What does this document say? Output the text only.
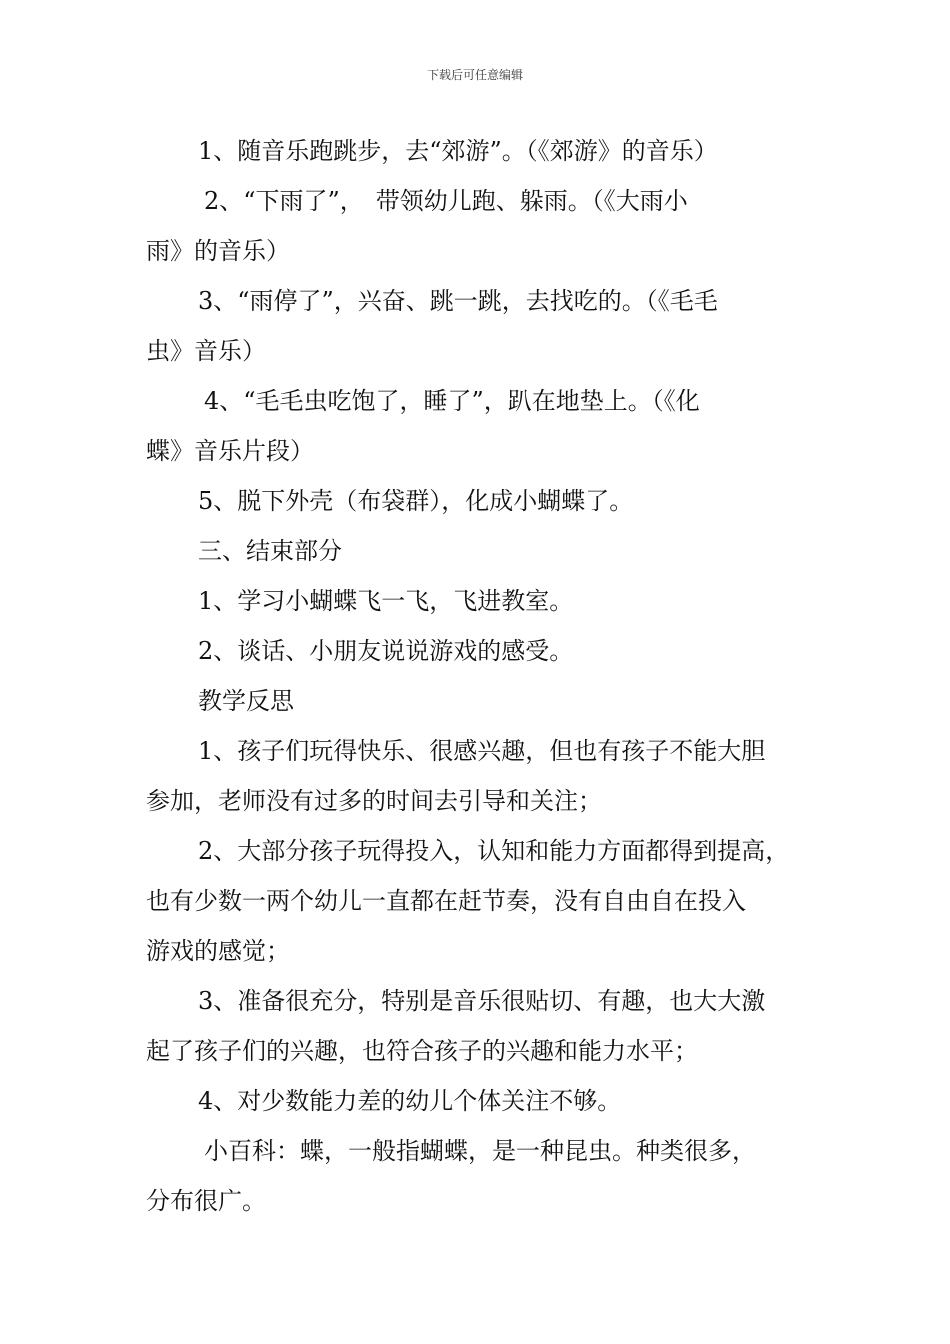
下载后可任意编辑
1、随音乐跑跳步，去“郊游”。（《郊游》的音乐）
2、“下雨了”，　带领幼儿跑、躲雨。（《大雨小
雨》的音乐）
3、“雨停了”，兴奋、跳一跳，去找吃的。（《毛毛
虫》音乐）
4、“毛毛虫吃饱了，睡了”，趴在地垫上。（《化
蝶》音乐片段）
5、脱下外壳（布袋群），化成小蝴蝶了。
三、结束部分
1、学习小蝴蝶飞一飞，飞进教室。
2、谈话、小朋友说说游戏的感受。
教学反思
1、孩子们玩得快乐、很感兴趣，但也有孩子不能大胆
参加，老师没有过多的时间去引导和关注；
2、大部分孩子玩得投入，认知和能力方面都得到提高，
也有少数一两个幼儿一直都在赶节奏，没有自由自在投入
游戏的感觉；
3、准备很充分，特别是音乐很贴切、有趣，也大大激
起了孩子们的兴趣，也符合孩子的兴趣和能力水平；
4、对少数能力差的幼儿个体关注不够。
小百科：蝶，一般指蝴蝶，是一种昆虫。种类很多，
分布很广。
